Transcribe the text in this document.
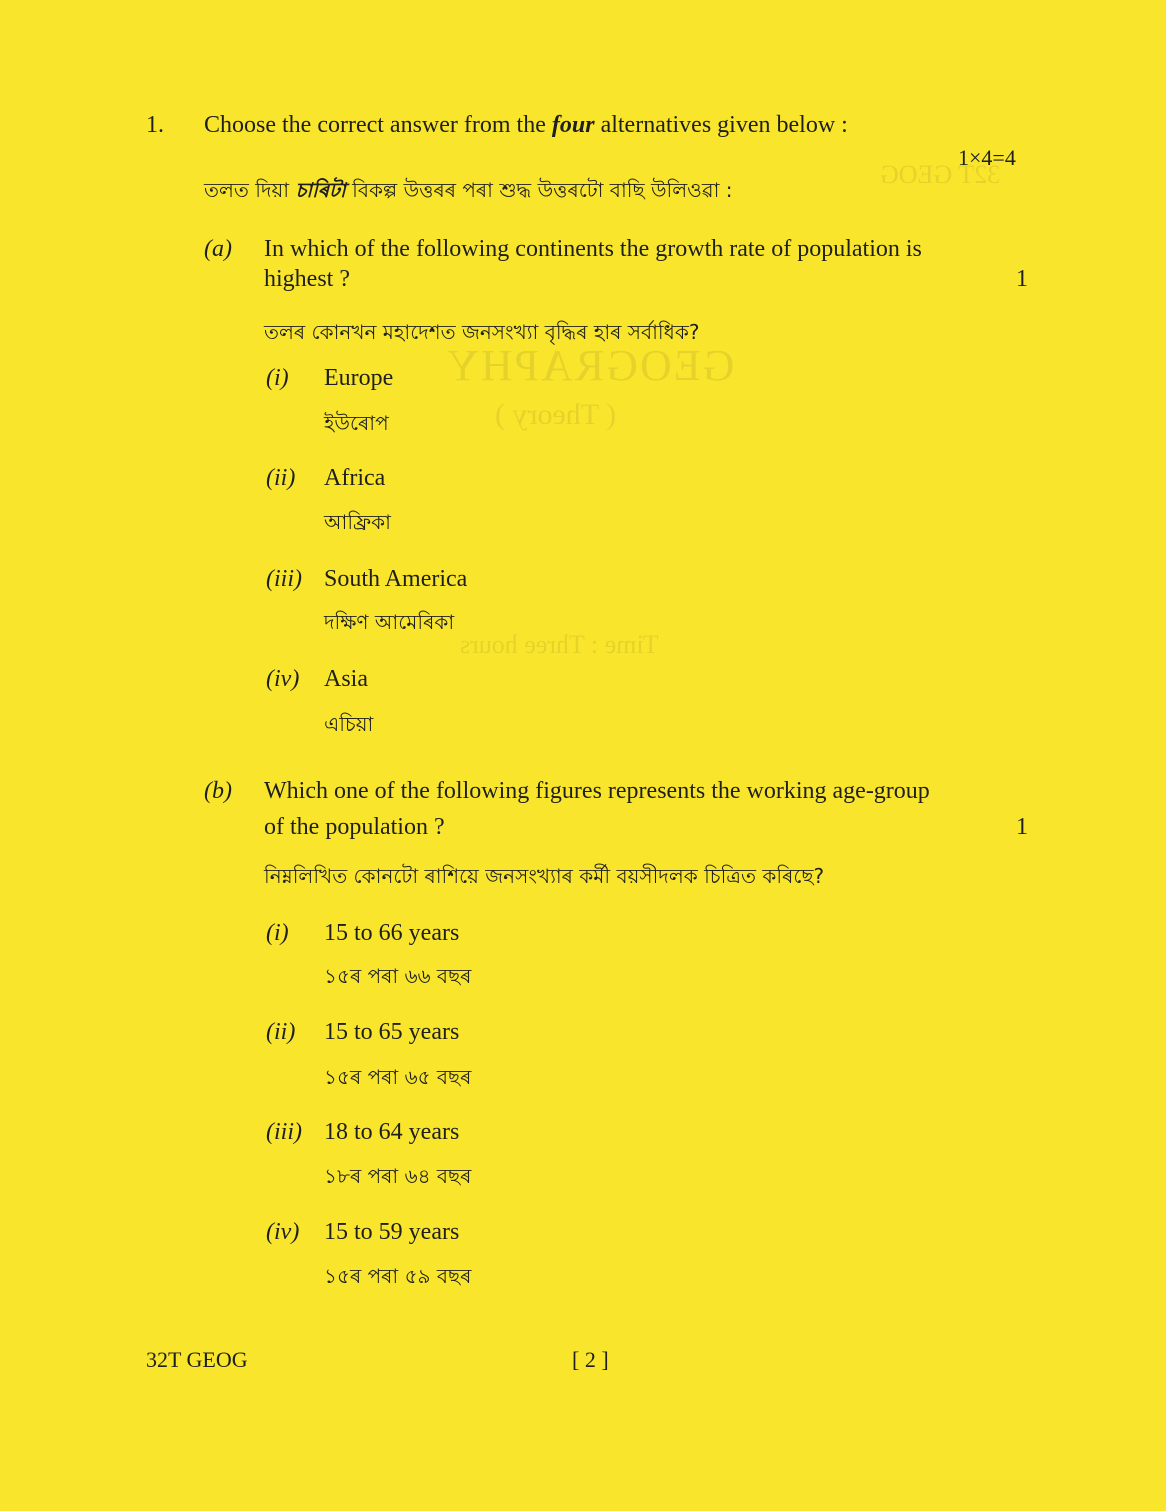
GEOGRAPHY
( Theory )
32T GEOG
Time : Three hours
1. Choose the correct answer from the four alternatives given below :
1×4=4
তলত দিয়া চাৰিটা বিকল্প উত্তৰৰ পৰা শুদ্ধ উত্তৰটো বাছি উলিওৱা :
(a) In which of the following continents the growth rate of population is
highest ?	1
তলৰ কোনখন মহাদেশত জনসংখ্যা বৃদ্ধিৰ হাৰ সৰ্বাধিক?
(i) Europe
ইউৰোপ
(ii) Africa
আফ্ৰিকা
(iii) South America
দক্ষিণ আমেৰিকা
(iv) Asia
এচিয়া
(b) Which one of the following figures represents the working age-group
of the population ?	1
নিম্নলিখিত কোনটো ৰাশিয়ে জনসংখ্যাৰ কৰ্মী বয়সীদলক চিত্ৰিত কৰিছে?
(i) 15 to 66 years
১৫ৰ পৰা ৬৬ বছৰ
(ii) 15 to 65 years
১৫ৰ পৰা ৬৫ বছৰ
(iii) 18 to 64 years
১৮ৰ পৰা ৬৪ বছৰ
(iv) 15 to 59 years
১৫ৰ পৰা ৫৯ বছৰ
32T GEOG	[ 2 ]
